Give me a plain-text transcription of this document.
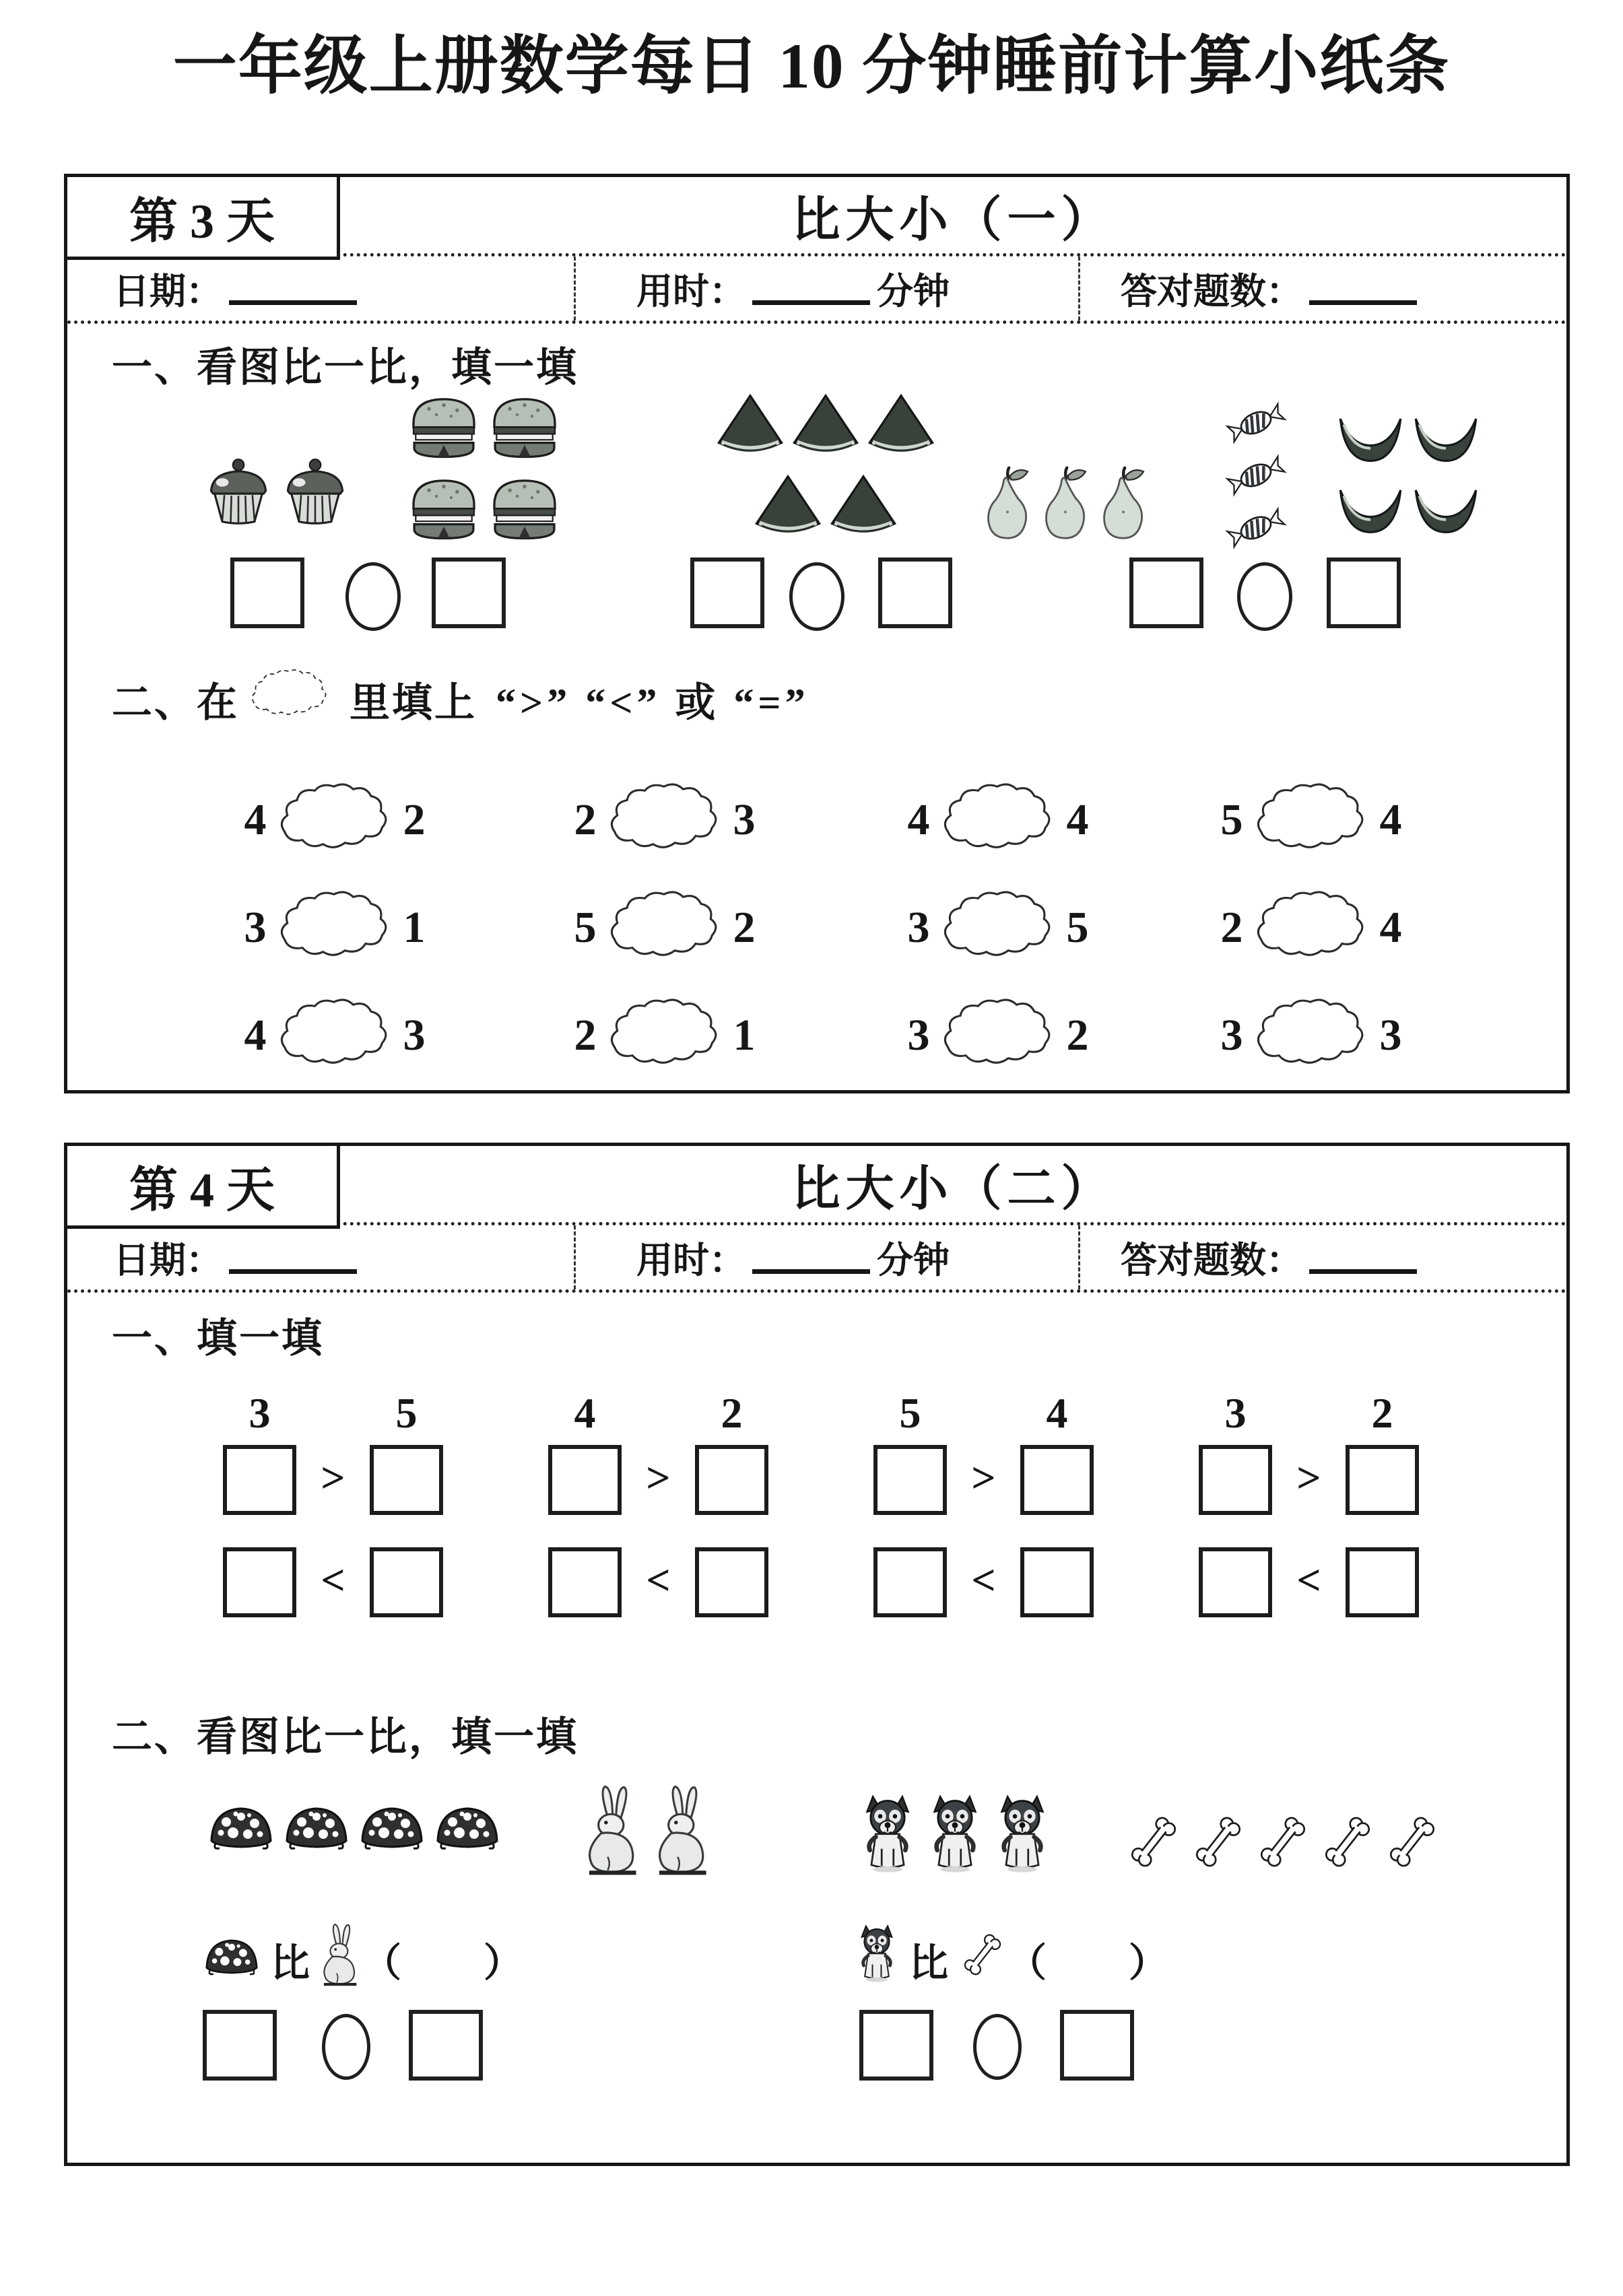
一年级上册数学每日 10 分钟睡前计算小纸条
比大小（一）
日期：	用时：	分钟	答对题数：
第 3 天
一、看图比一比，填一填
二、在	里填上 “>” “<” 或 “=”
4	2	2	3	4	4	5	4
3	1	5	2	3	5	2	4
4	3	2	1	3	2	3	3
比大小（二）
日期：	用时：	分钟	答对题数：
第 4 天
一、填一填
3	5	4	2	5	4	3	2
>	>	>	>
<	<	<	<
二、看图比一比，填一填
比 （　　）	比 （　　）
